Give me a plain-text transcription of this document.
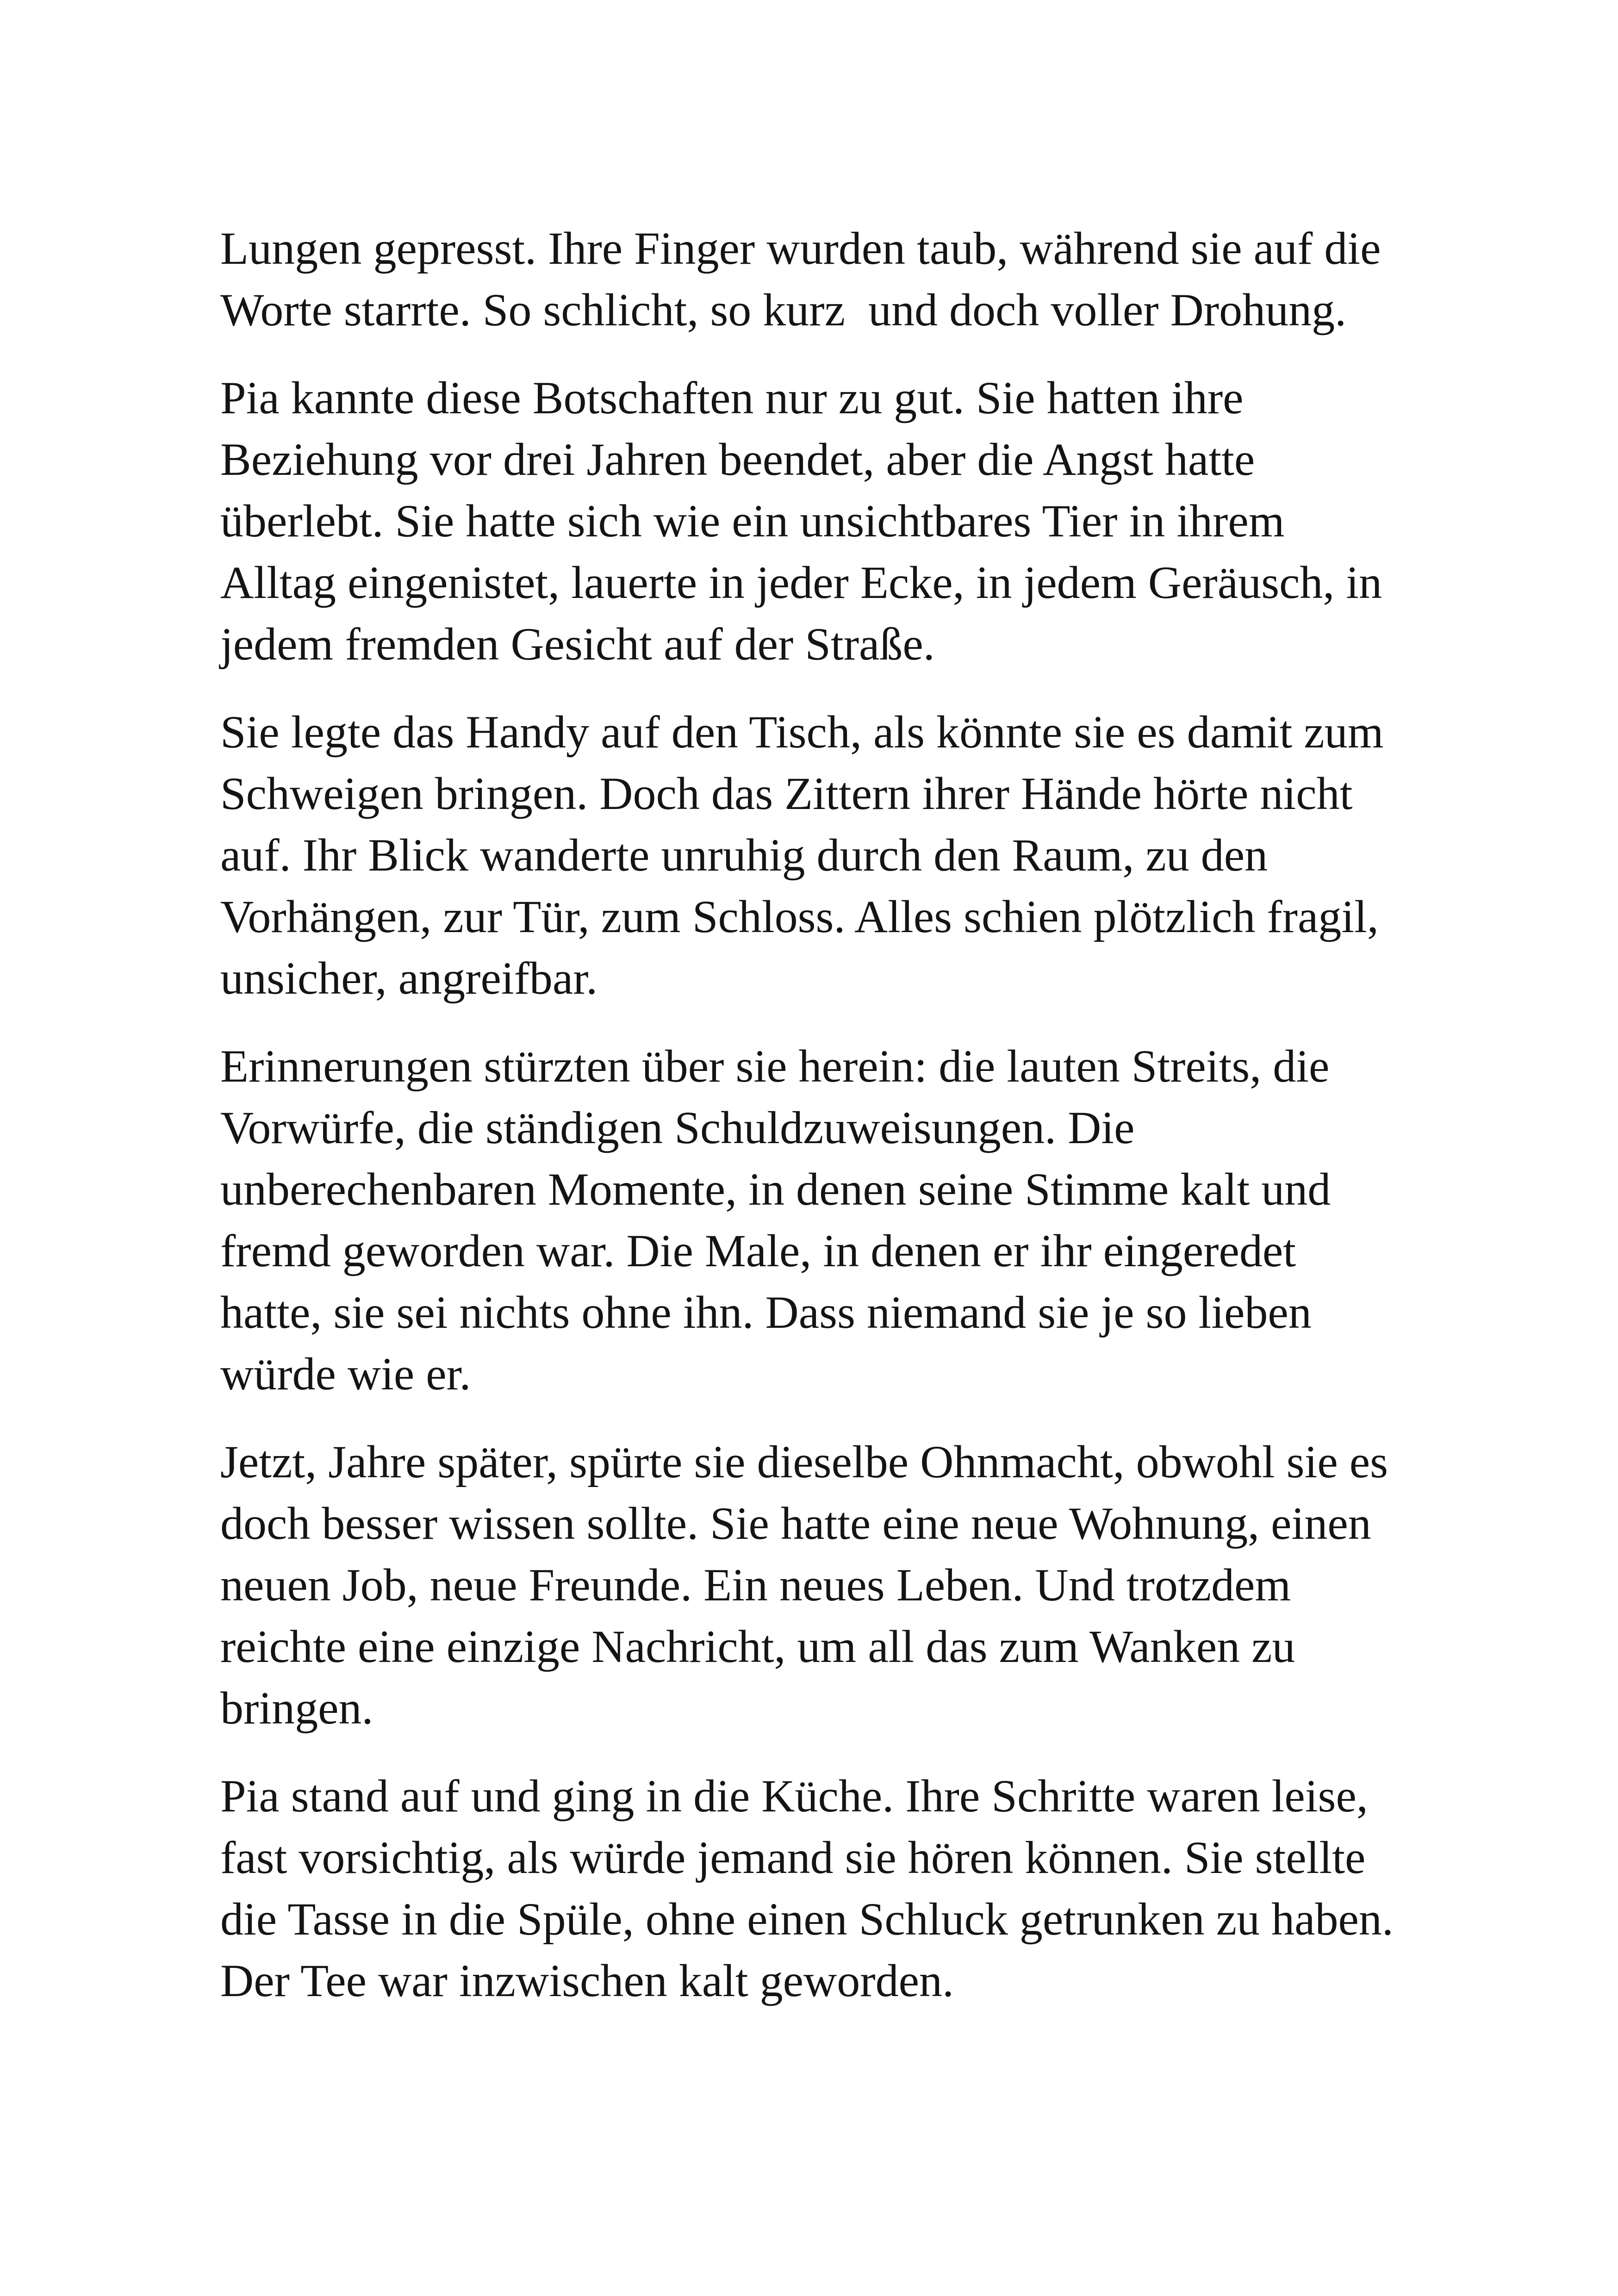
Lungen gepresst. Ihre Finger wurden taub, während sie auf die
Worte starrte. So schlicht, so kurz  und doch voller Drohung.

Pia kannte diese Botschaften nur zu gut. Sie hatten ihre
Beziehung vor drei Jahren beendet, aber die Angst hatte
überlebt. Sie hatte sich wie ein unsichtbares Tier in ihrem
Alltag eingenistet, lauerte in jeder Ecke, in jedem Geräusch, in
jedem fremden Gesicht auf der Straße.

Sie legte das Handy auf den Tisch, als könnte sie es damit zum
Schweigen bringen. Doch das Zittern ihrer Hände hörte nicht
auf. Ihr Blick wanderte unruhig durch den Raum, zu den
Vorhängen, zur Tür, zum Schloss. Alles schien plötzlich fragil,
unsicher, angreifbar.

Erinnerungen stürzten über sie herein: die lauten Streits, die
Vorwürfe, die ständigen Schuldzuweisungen. Die
unberechenbaren Momente, in denen seine Stimme kalt und
fremd geworden war. Die Male, in denen er ihr eingeredet
hatte, sie sei nichts ohne ihn. Dass niemand sie je so lieben
würde wie er.

Jetzt, Jahre später, spürte sie dieselbe Ohnmacht, obwohl sie es
doch besser wissen sollte. Sie hatte eine neue Wohnung, einen
neuen Job, neue Freunde. Ein neues Leben. Und trotzdem
reichte eine einzige Nachricht, um all das zum Wanken zu
bringen.

Pia stand auf und ging in die Küche. Ihre Schritte waren leise,
fast vorsichtig, als würde jemand sie hören können. Sie stellte
die Tasse in die Spüle, ohne einen Schluck getrunken zu haben.
Der Tee war inzwischen kalt geworden.
